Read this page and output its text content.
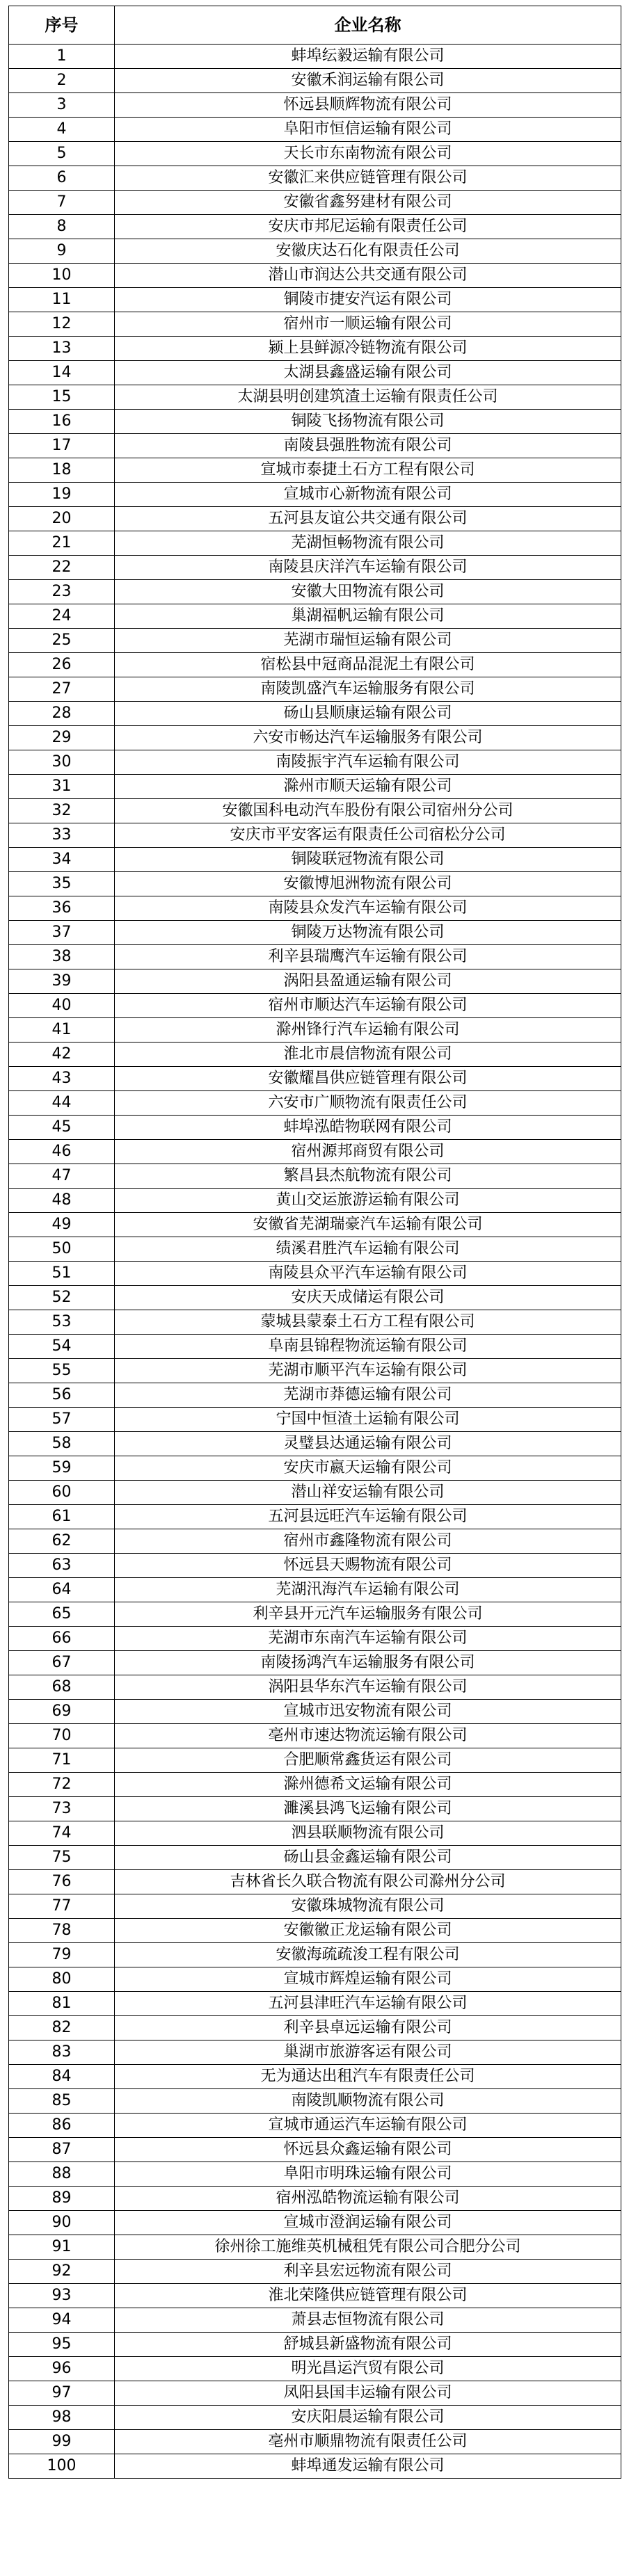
序号	企业名称
1	蚌埠纭毅运输有限公司
2	安徽禾润运输有限公司
3	怀远县顺辉物流有限公司
4	阜阳市恒信运输有限公司
5	天长市东南物流有限公司
6	安徽汇来供应链管理有限公司
7	安徽省鑫努建材有限公司
8	安庆市邦尼运输有限责任公司
9	安徽庆达石化有限责任公司
10	潜山市润达公共交通有限公司
11	铜陵市捷安汽运有限公司
12	宿州市一顺运输有限公司
13	颍上县鲜源冷链物流有限公司
14	太湖县鑫盛运输有限公司
15	太湖县明创建筑渣土运输有限责任公司
16	铜陵飞扬物流有限公司
17	南陵县强胜物流有限公司
18	宣城市泰捷土石方工程有限公司
19	宣城市心新物流有限公司
20	五河县友谊公共交通有限公司
21	芜湖恒畅物流有限公司
22	南陵县庆洋汽车运输有限公司
23	安徽大田物流有限公司
24	巢湖福帆运输有限公司
25	芜湖市瑞恒运输有限公司
26	宿松县中冠商品混泥土有限公司
27	南陵凯盛汽车运输服务有限公司
28	砀山县顺康运输有限公司
29	六安市畅达汽车运输服务有限公司
30	南陵振宇汽车运输有限公司
31	滁州市顺天运输有限公司
32	安徽国科电动汽车股份有限公司宿州分公司
33	安庆市平安客运有限责任公司宿松分公司
34	铜陵联冠物流有限公司
35	安徽博旭洲物流有限公司
36	南陵县众发汽车运输有限公司
37	铜陵万达物流有限公司
38	利辛县瑞鹰汽车运输有限公司
39	涡阳县盈通运输有限公司
40	宿州市顺达汽车运输有限公司
41	滁州锋行汽车运输有限公司
42	淮北市晨信物流有限公司
43	安徽耀昌供应链管理有限公司
44	六安市广顺物流有限责任公司
45	蚌埠泓皓物联网有限公司
46	宿州源邦商贸有限公司
47	繁昌县杰航物流有限公司
48	黄山交运旅游运输有限公司
49	安徽省芜湖瑞豪汽车运输有限公司
50	绩溪君胜汽车运输有限公司
51	南陵县众平汽车运输有限公司
52	安庆天成储运有限公司
53	蒙城县蒙泰土石方工程有限公司
54	阜南县锦程物流运输有限公司
55	芜湖市顺平汽车运输有限公司
56	芜湖市莽德运输有限公司
57	宁国中恒渣土运输有限公司
58	灵璧县达通运输有限公司
59	安庆市嬴天运输有限公司
60	潜山祥安运输有限公司
61	五河县远旺汽车运输有限公司
62	宿州市鑫隆物流有限公司
63	怀远县天赐物流有限公司
64	芜湖汛海汽车运输有限公司
65	利辛县开元汽车运输服务有限公司
66	芜湖市东南汽车运输有限公司
67	南陵扬鸿汽车运输服务有限公司
68	涡阳县华东汽车运输有限公司
69	宣城市迅安物流有限公司
70	亳州市速达物流运输有限公司
71	合肥顺常鑫货运有限公司
72	滁州德希文运输有限公司
73	濉溪县鸿飞运输有限公司
74	泗县联顺物流有限公司
75	砀山县金鑫运输有限公司
76	吉林省长久联合物流有限公司滁州分公司
77	安徽珠城物流有限公司
78	安徽徽正龙运输有限公司
79	安徽海疏疏浚工程有限公司
80	宣城市辉煌运输有限公司
81	五河县津旺汽车运输有限公司
82	利辛县卓远运输有限公司
83	巢湖市旅游客运有限公司
84	无为通达出租汽车有限责任公司
85	南陵凯顺物流有限公司
86	宣城市通运汽车运输有限公司
87	怀远县众鑫运输有限公司
88	阜阳市明珠运输有限公司
89	宿州泓皓物流运输有限公司
90	宣城市澄润运输有限公司
91	徐州徐工施维英机械租凭有限公司合肥分公司
92	利辛县宏远物流有限公司
93	淮北荣隆供应链管理有限公司
94	萧县志恒物流有限公司
95	舒城县新盛物流有限公司
96	明光昌运汽贸有限公司
97	凤阳县国丰运输有限公司
98	安庆阳晨运输有限公司
99	亳州市顺鼎物流有限责任公司
100	蚌埠通发运输有限公司
